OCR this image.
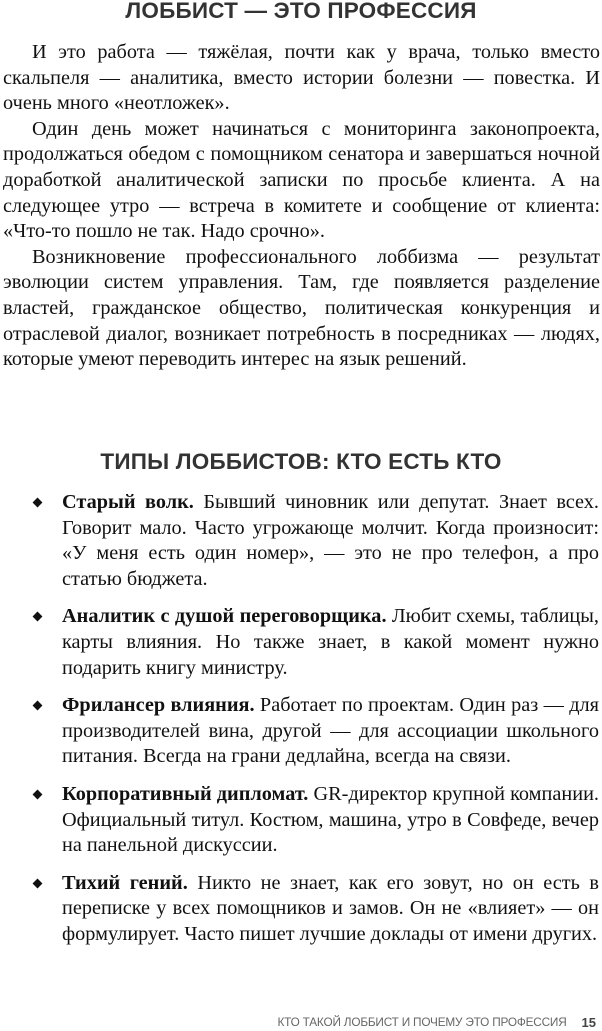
ЛОББИСТ — ЭТО ПРОФЕССИЯ

И это работа — тяжёлая, почти как у врача, только вместо скальпеля — аналитика, вместо истории болезни — повестка. И очень много «неотложек».

Один день может начинаться с мониторинга законопроекта, продолжаться обедом с помощником сенатора и завершаться ночной доработкой аналитической записки по просьбе клиента. А на следующее утро — встреча в комитете и сообщение от клиента: «Что-то пошло не так. Надо срочно».

Возникновение профессионального лоббизма — результат эволюции систем управления. Там, где появляется разделение властей, гражданское общество, политическая конкуренция и отраслевой диалог, возникает потребность в посредниках — людях, которые умеют переводить интерес на язык решений.

ТИПЫ ЛОББИСТОВ: КТО ЕСТЬ КТО
Старый волк. Бывший чиновник или депутат. Знает всех. Говорит мало. Часто угрожающе молчит. Когда произносит: «У меня есть один номер», — это не про телефон, а про статью бюджета.
Аналитик с душой переговорщика. Любит схемы, таблицы, карты влияния. Но также знает, в какой момент нужно подарить книгу министру.
Фрилансер влияния. Работает по проектам. Один раз — для производителей вина, другой — для ассоциации школьного питания. Всегда на грани дедлайна, всегда на связи.
Корпоративный дипломат. GR-директор крупной компании. Официальный титул. Костюм, машина, утро в Совфеде, вечер на панельной дискуссии.
Тихий гений. Никто не знает, как его зовут, но он есть в переписке у всех помощников и замов. Он не «влияет» — он формулирует. Часто пишет лучшие доклады от имени других.
КТО ТАКОЙ ЛОББИСТ И ПОЧЕМУ ЭТО ПРОФЕССИЯ 15
